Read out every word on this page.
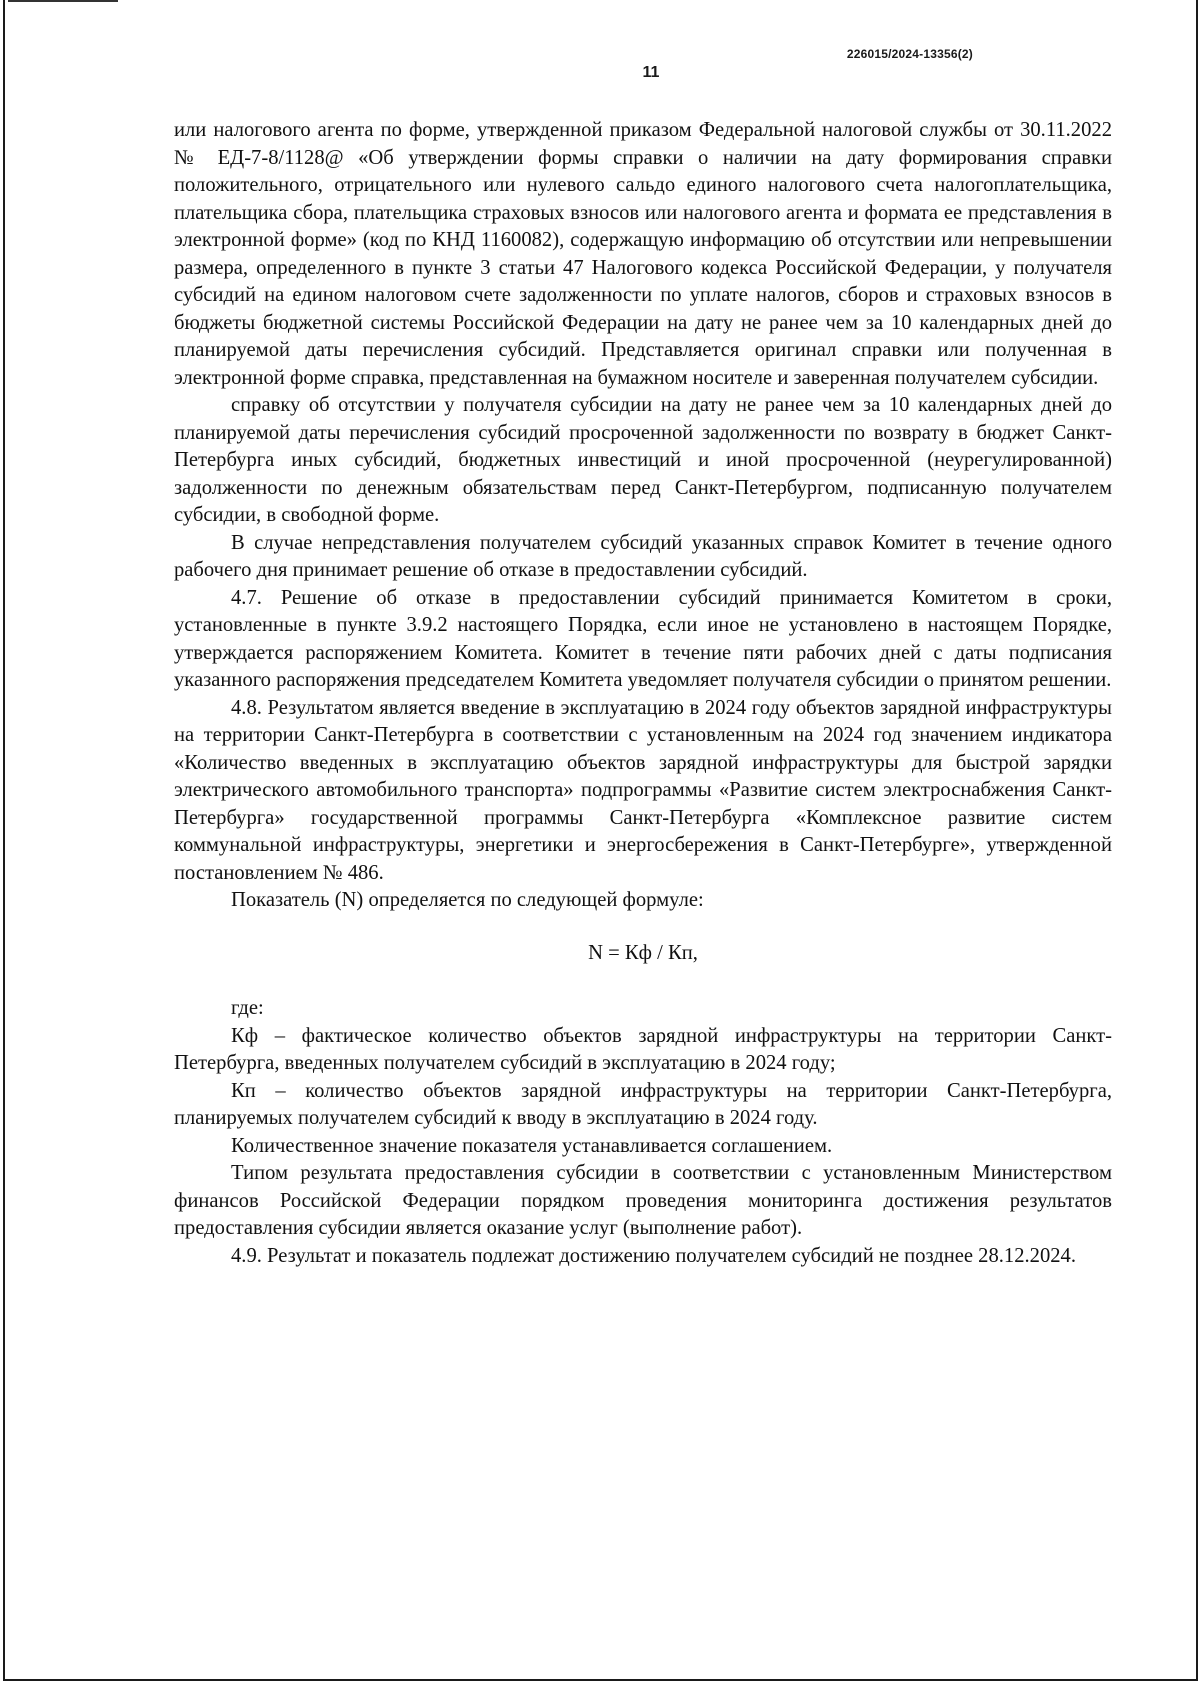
226015/2024-13356(2)
11

или налогового агента по форме, утвержденной приказом Федеральной налоговой службы от 30.11.2022 № ЕД-7-8/1128@ «Об утверждении формы справки о наличии на дату формирования справки положительного, отрицательного или нулевого сальдо единого налогового счета налогоплательщика, плательщика сбора, плательщика страховых взносов или налогового агента и формата ее представления в электронной форме» (код по КНД 1160082), содержащую информацию об отсутствии или непревышении размера, определенного в пункте 3 статьи 47 Налогового кодекса Российской Федерации, у получателя субсидий на едином налоговом счете задолженности по уплате налогов, сборов и страховых взносов в бюджеты бюджетной системы Российской Федерации на дату не ранее чем за 10 календарных дней до планируемой даты перечисления субсидий. Представляется оригинал справки или полученная в электронной форме справка, представленная на бумажном носителе и заверенная получателем субсидии.

справку об отсутствии у получателя субсидии на дату не ранее чем за 10 календарных дней до планируемой даты перечисления субсидий просроченной задолженности по возврату в бюджет Санкт-Петербурга иных субсидий, бюджетных инвестиций и иной просроченной (неурегулированной) задолженности по денежным обязательствам перед Санкт-Петербургом, подписанную получателем субсидии, в свободной форме.

В случае непредставления получателем субсидий указанных справок Комитет в течение одного рабочего дня принимает решение об отказе в предоставлении субсидий.

4.7. Решение об отказе в предоставлении субсидий принимается Комитетом в сроки, установленные в пункте 3.9.2 настоящего Порядка, если иное не установлено в настоящем Порядке, утверждается распоряжением Комитета. Комитет в течение пяти рабочих дней с даты подписания указанного распоряжения председателем Комитета уведомляет получателя субсидии о принятом решении.

4.8. Результатом является введение в эксплуатацию в 2024 году объектов зарядной инфраструктуры на территории Санкт-Петербурга в соответствии с установленным на 2024 год значением индикатора «Количество введенных в эксплуатацию объектов зарядной инфраструктуры для быстрой зарядки электрического автомобильного транспорта» подпрограммы «Развитие систем электроснабжения Санкт-Петербурга» государственной программы Санкт-Петербурга «Комплексное развитие систем коммунальной инфраструктуры, энергетики и энергосбережения в Санкт-Петербурге», утвержденной постановлением № 486.

Показатель (N) определяется по следующей формуле:

N = Кф / Кп,

где:

Кф – фактическое количество объектов зарядной инфраструктуры на территории Санкт-Петербурга, введенных получателем субсидий в эксплуатацию в 2024 году;

Кп – количество объектов зарядной инфраструктуры на территории Санкт-Петербурга, планируемых получателем субсидий к вводу в эксплуатацию в 2024 году.

Количественное значение показателя устанавливается соглашением.

Типом результата предоставления субсидии в соответствии с установленным Министерством финансов Российской Федерации порядком проведения мониторинга достижения результатов предоставления субсидии является оказание услуг (выполнение работ).

4.9. Результат и показатель подлежат достижению получателем субсидий не позднее 28.12.2024.
